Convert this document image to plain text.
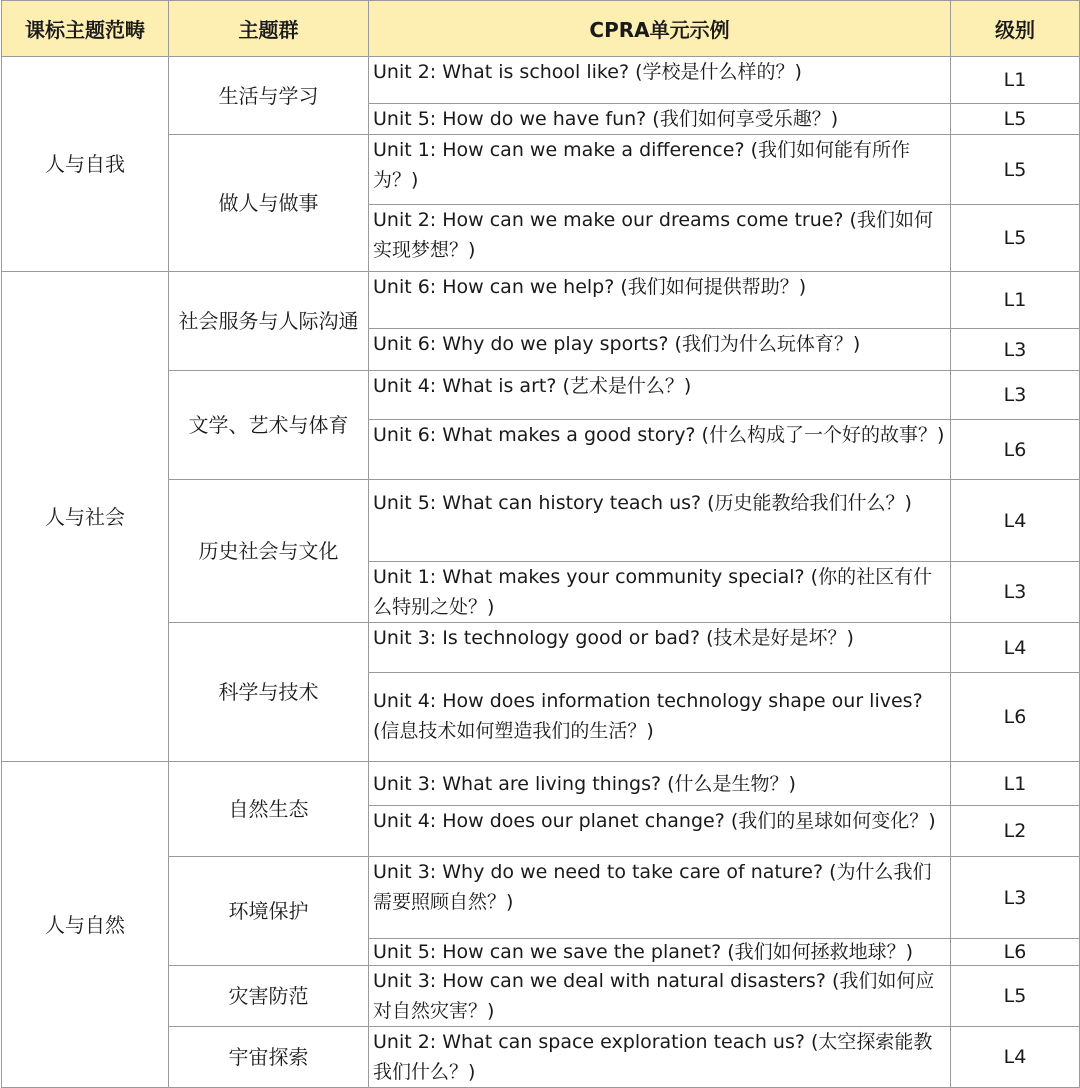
课标主题范畴	主题群	CPRA单元示例	级别
人与自我	生活与学习	Unit 2: What is school like? (学校是什么样的？)	L1
		Unit 5: How do we have fun? (我们如何享受乐趣？)	L5
	做人与做事	Unit 1: How can we make a difference? (我们如何能有所作为？)	L5
		Unit 2: How can we make our dreams come true? (我们如何实现梦想？)	L5
人与社会	社会服务与人际沟通	Unit 6: How can we help? (我们如何提供帮助？)	L1
		Unit 6: Why do we play sports? (我们为什么玩体育？)	L3
	文学、艺术与体育	Unit 4: What is art? (艺术是什么？)	L3
		Unit 6: What makes a good story? (什么构成了一个好的故事？)	L6
	历史社会与文化	Unit 5: What can history teach us? (历史能教给我们什么？)	L4
		Unit 1: What makes your community special? (你的社区有什么特别之处？)	L3
	科学与技术	Unit 3: Is technology good or bad? (技术是好是坏？)	L4
		Unit 4: How does information technology shape our lives? (信息技术如何塑造我们的生活？)	L6
人与自然	自然生态	Unit 3: What are living things? (什么是生物？)	L1
		Unit 4: How does our planet change? (我们的星球如何变化？)	L2
	环境保护	Unit 3: Why do we need to take care of nature? (为什么我们需要照顾自然？)	L3
		Unit 5: How can we save the planet? (我们如何拯救地球？)	L6
	灾害防范	Unit 3: How can we deal with natural disasters? (我们如何应对自然灾害？)	L5
	宇宙探索	Unit 2: What can space exploration teach us? (太空探索能教我们什么？)	L4
